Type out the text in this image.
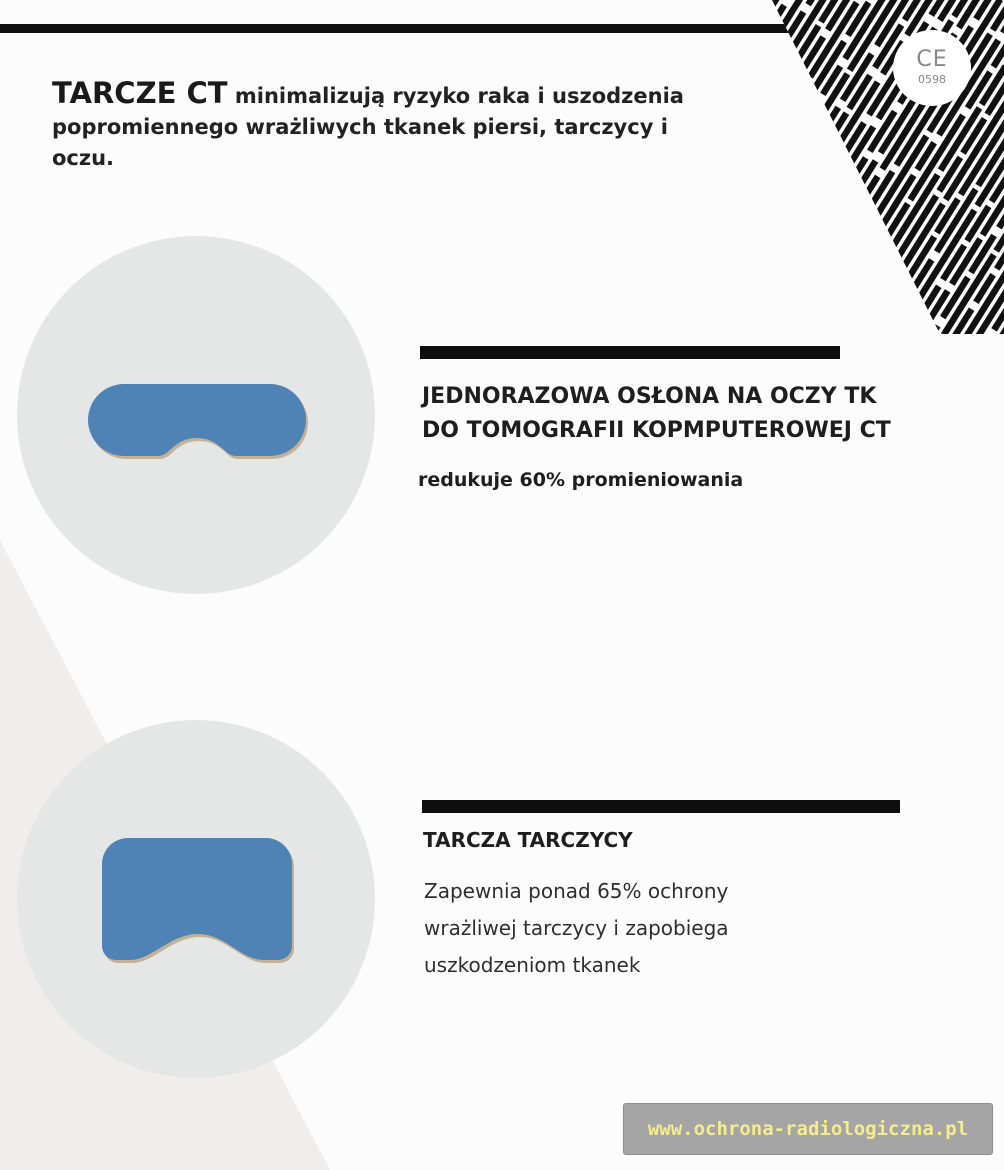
CE
0598
TARCZE CT minimalizują ryzyko raka i uszodzenia
popromiennego wrażliwych tkanek piersi, tarczycy i
oczu.
JEDNORAZOWA OSŁONA NA OCZY TK
DO TOMOGRAFII KOPMPUTEROWEJ CT
redukuje 60% promieniowania
TARCZA TARCZYCY
Zapewnia ponad 65% ochrony
wrażliwej tarczycy i zapobiega
uszkodzeniom tkanek
www.ochrona-radiologiczna.pl
